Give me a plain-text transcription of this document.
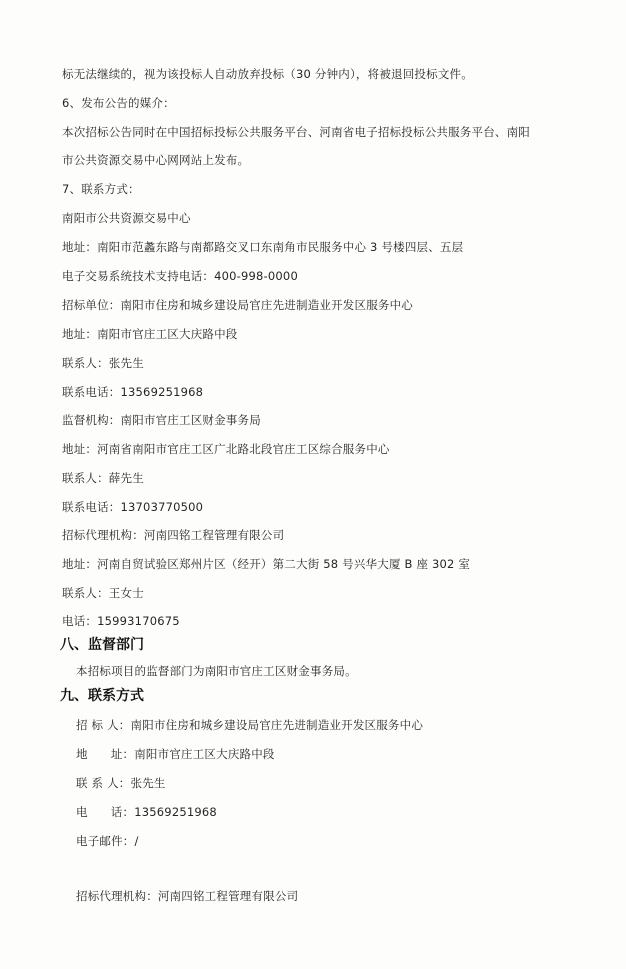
标无法继续的，视为该投标人自动放弃投标（30 分钟内），将被退回投标文件。
6、发布公告的媒介：
本次招标公告同时在中国招标投标公共服务平台、河南省电子招标投标公共服务平台、南阳
市公共资源交易中心网网站上发布。
7、联系方式：
南阳市公共资源交易中心
地址：南阳市范蠡东路与南都路交叉口东南角市民服务中心 3 号楼四层、五层
电子交易系统技术支持电话：400-998-0000
招标单位：南阳市住房和城乡建设局官庄先进制造业开发区服务中心
地址：南阳市官庄工区大庆路中段
联系人：张先生
联系电话：13569251968
监督机构：南阳市官庄工区财金事务局
地址：河南省南阳市官庄工区广北路北段官庄工区综合服务中心
联系人：薛先生
联系电话：13703770500
招标代理机构：河南四铭工程管理有限公司
地址：河南自贸试验区郑州片区（经开）第二大街 58 号兴华大厦 B 座 302 室
联系人：王女士
电话：15993170675
八、监督部门
本招标项目的监督部门为南阳市官庄工区财金事务局。
九、联系方式
招 标 人：南阳市住房和城乡建设局官庄先进制造业开发区服务中心
地      址：南阳市官庄工区大庆路中段
联 系 人：张先生
电      话：13569251968
电子邮件：/
招标代理机构：河南四铭工程管理有限公司
